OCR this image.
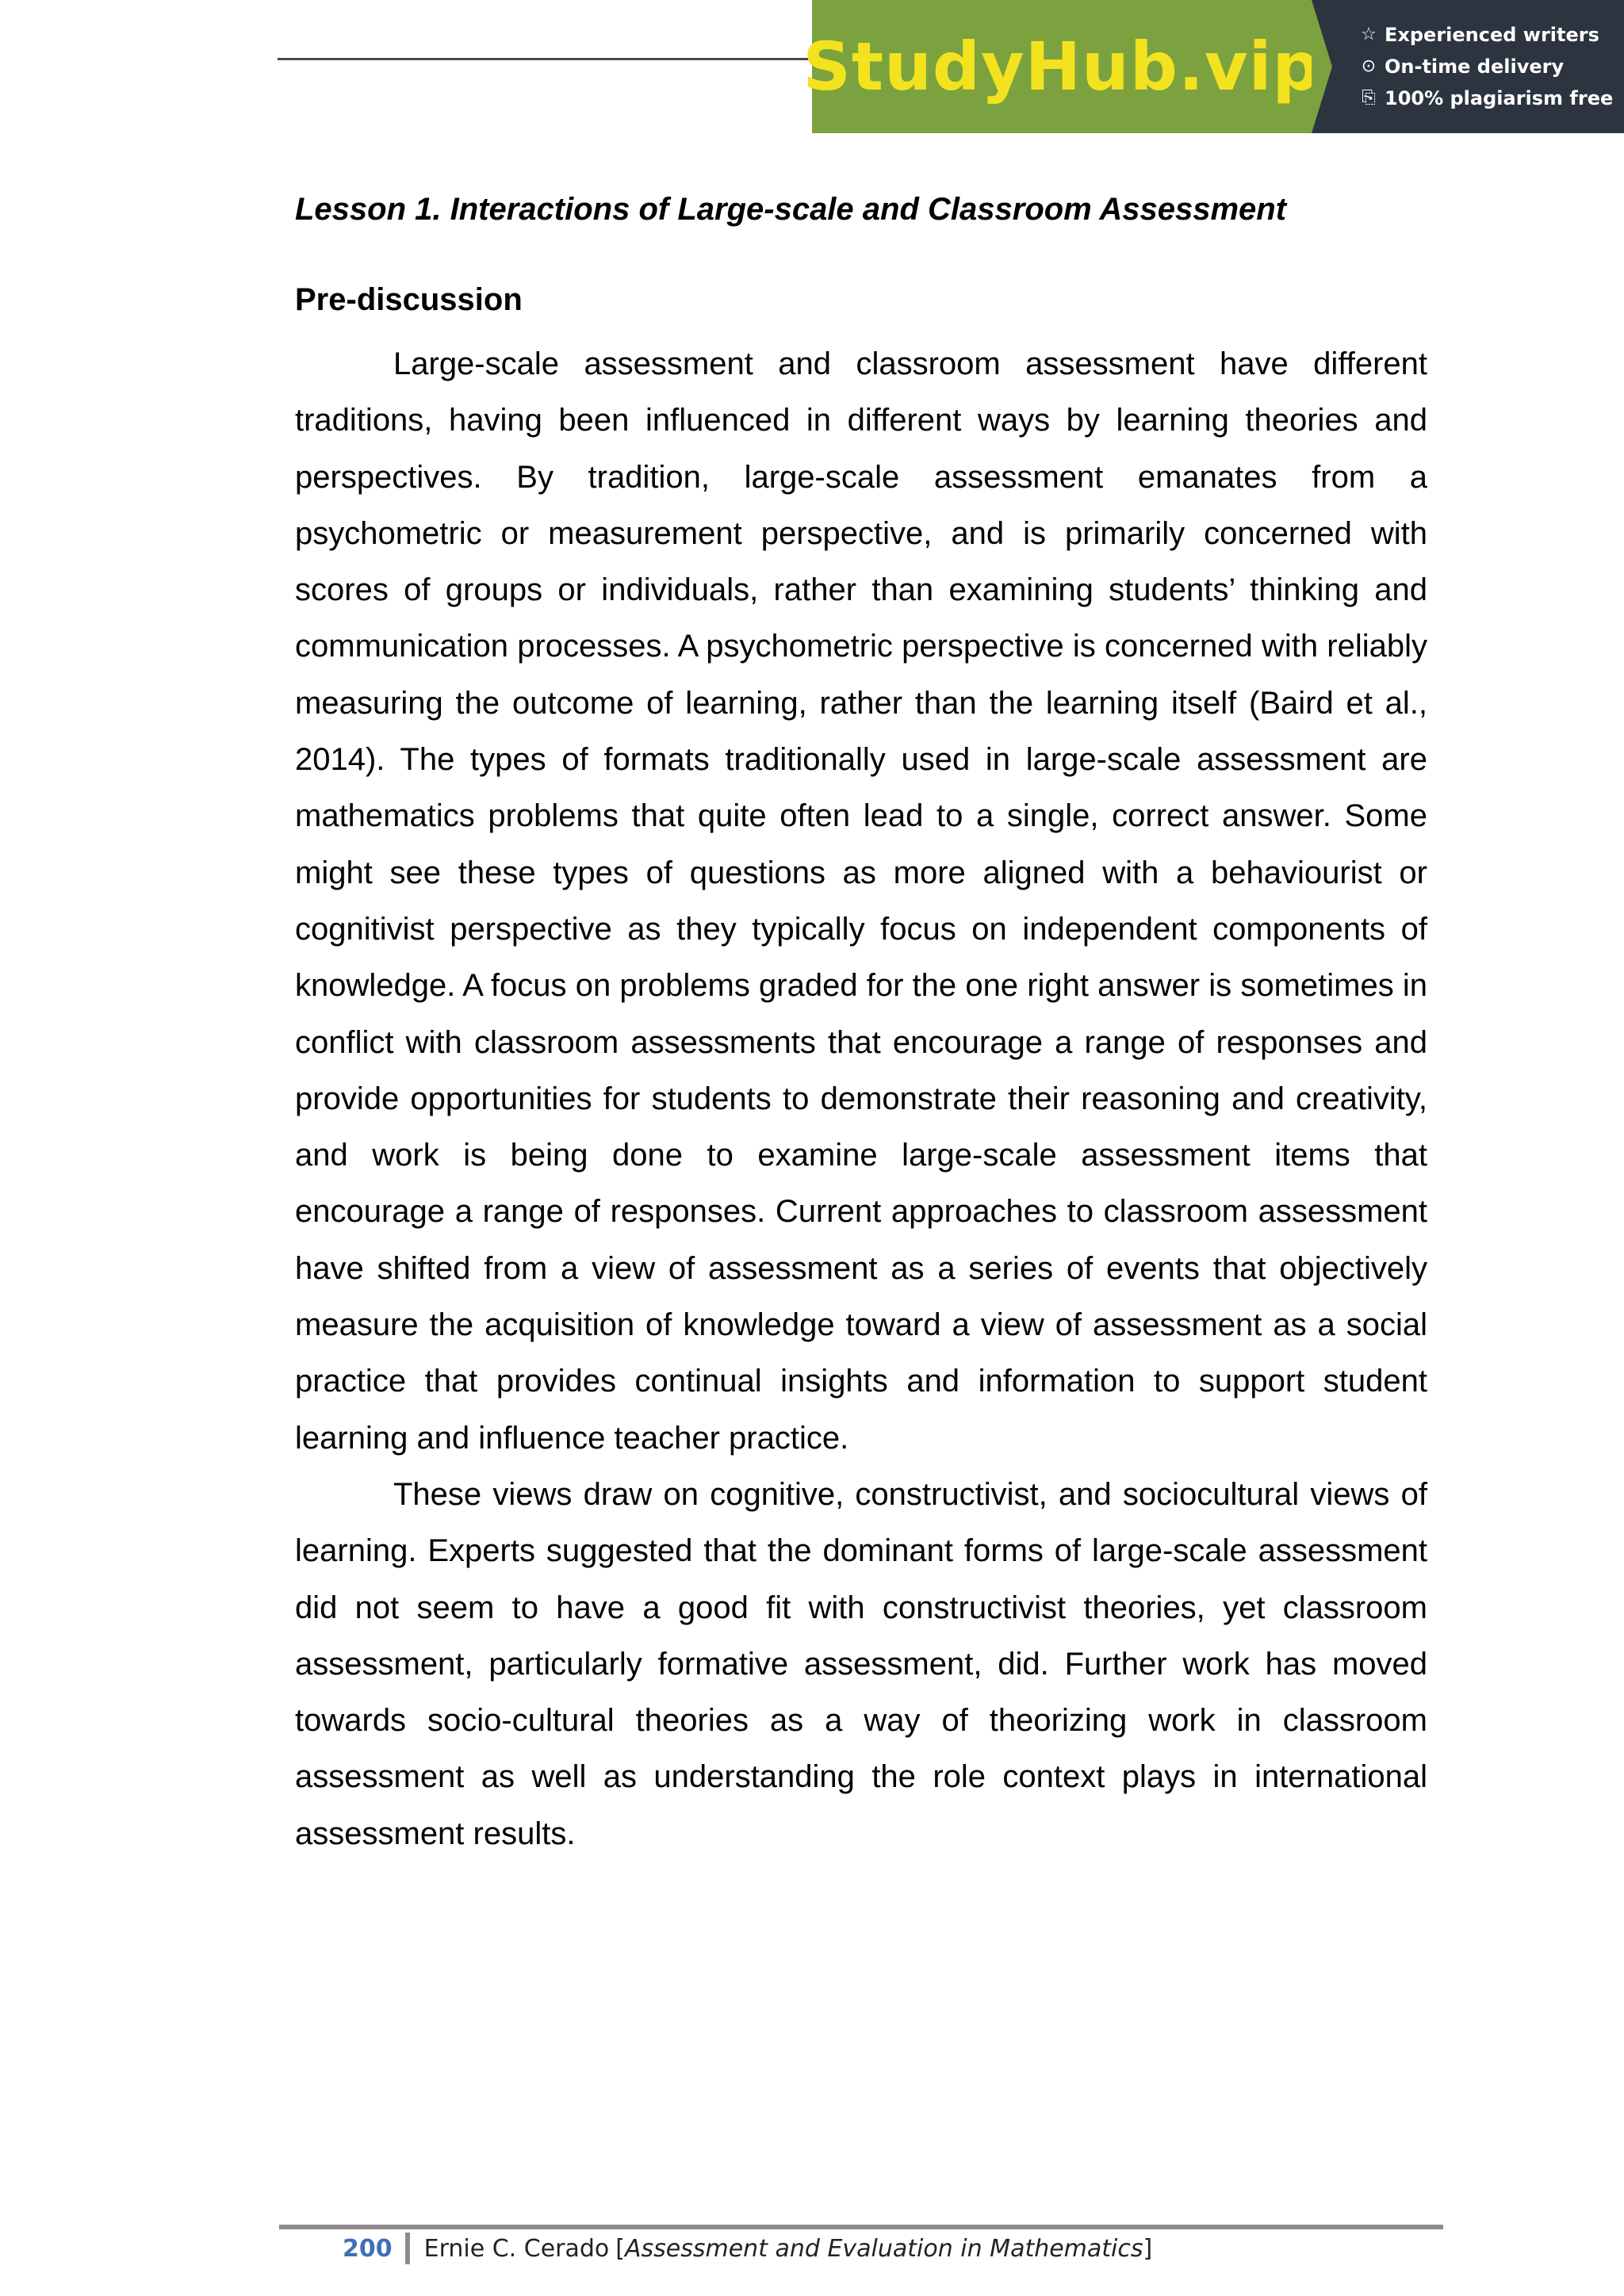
StudyHub.vip ☆ Experienced writers
⊙ On-time delivery
⎘ 100% plagiarism free
Lesson 1. Interactions of Large-scale and Classroom Assessment
Pre-discussion

Large-scale assessment and classroom assessment have different traditions, having been influenced in different ways by learning theories and perspectives. By tradition, large-scale assessment emanates from a psychometric or measurement perspective, and is primarily concerned with scores of groups or individuals, rather than examining students’ thinking and communication processes. A psychometric perspective is concerned with reliably measuring the outcome of learning, rather than the learning itself (Baird et al., 2014). The types of formats traditionally used in large-scale assessment are mathematics problems that quite often lead to a single, correct answer. Some might see these types of questions as more aligned with a behaviourist or cognitivist perspective as they typically focus on independent components of knowledge. A focus on problems graded for the one right answer is sometimes in conflict with classroom assessments that encourage a range of responses and provide opportunities for students to demonstrate their reasoning and creativity, and work is being done to examine large-scale assessment items that encourage a range of responses. Current approaches to classroom assessment have shifted from a view of assessment as a series of events that objectively measure the acquisition of knowledge toward a view of assessment as a social practice that provides continual insights and information to support student learning and influence teacher practice.

These views draw on cognitive, constructivist, and sociocultural views of learning. Experts suggested that the dominant forms of large-scale assessment did not seem to have a good fit with constructivist theories, yet classroom assessment, particularly formative assessment, did. Further work has moved towards socio-cultural theories as a way of theorizing work in classroom assessment as well as understanding the role context plays in international assessment results.

200	Ernie C. Cerado [ Assessment and Evaluation in Mathematics ]
